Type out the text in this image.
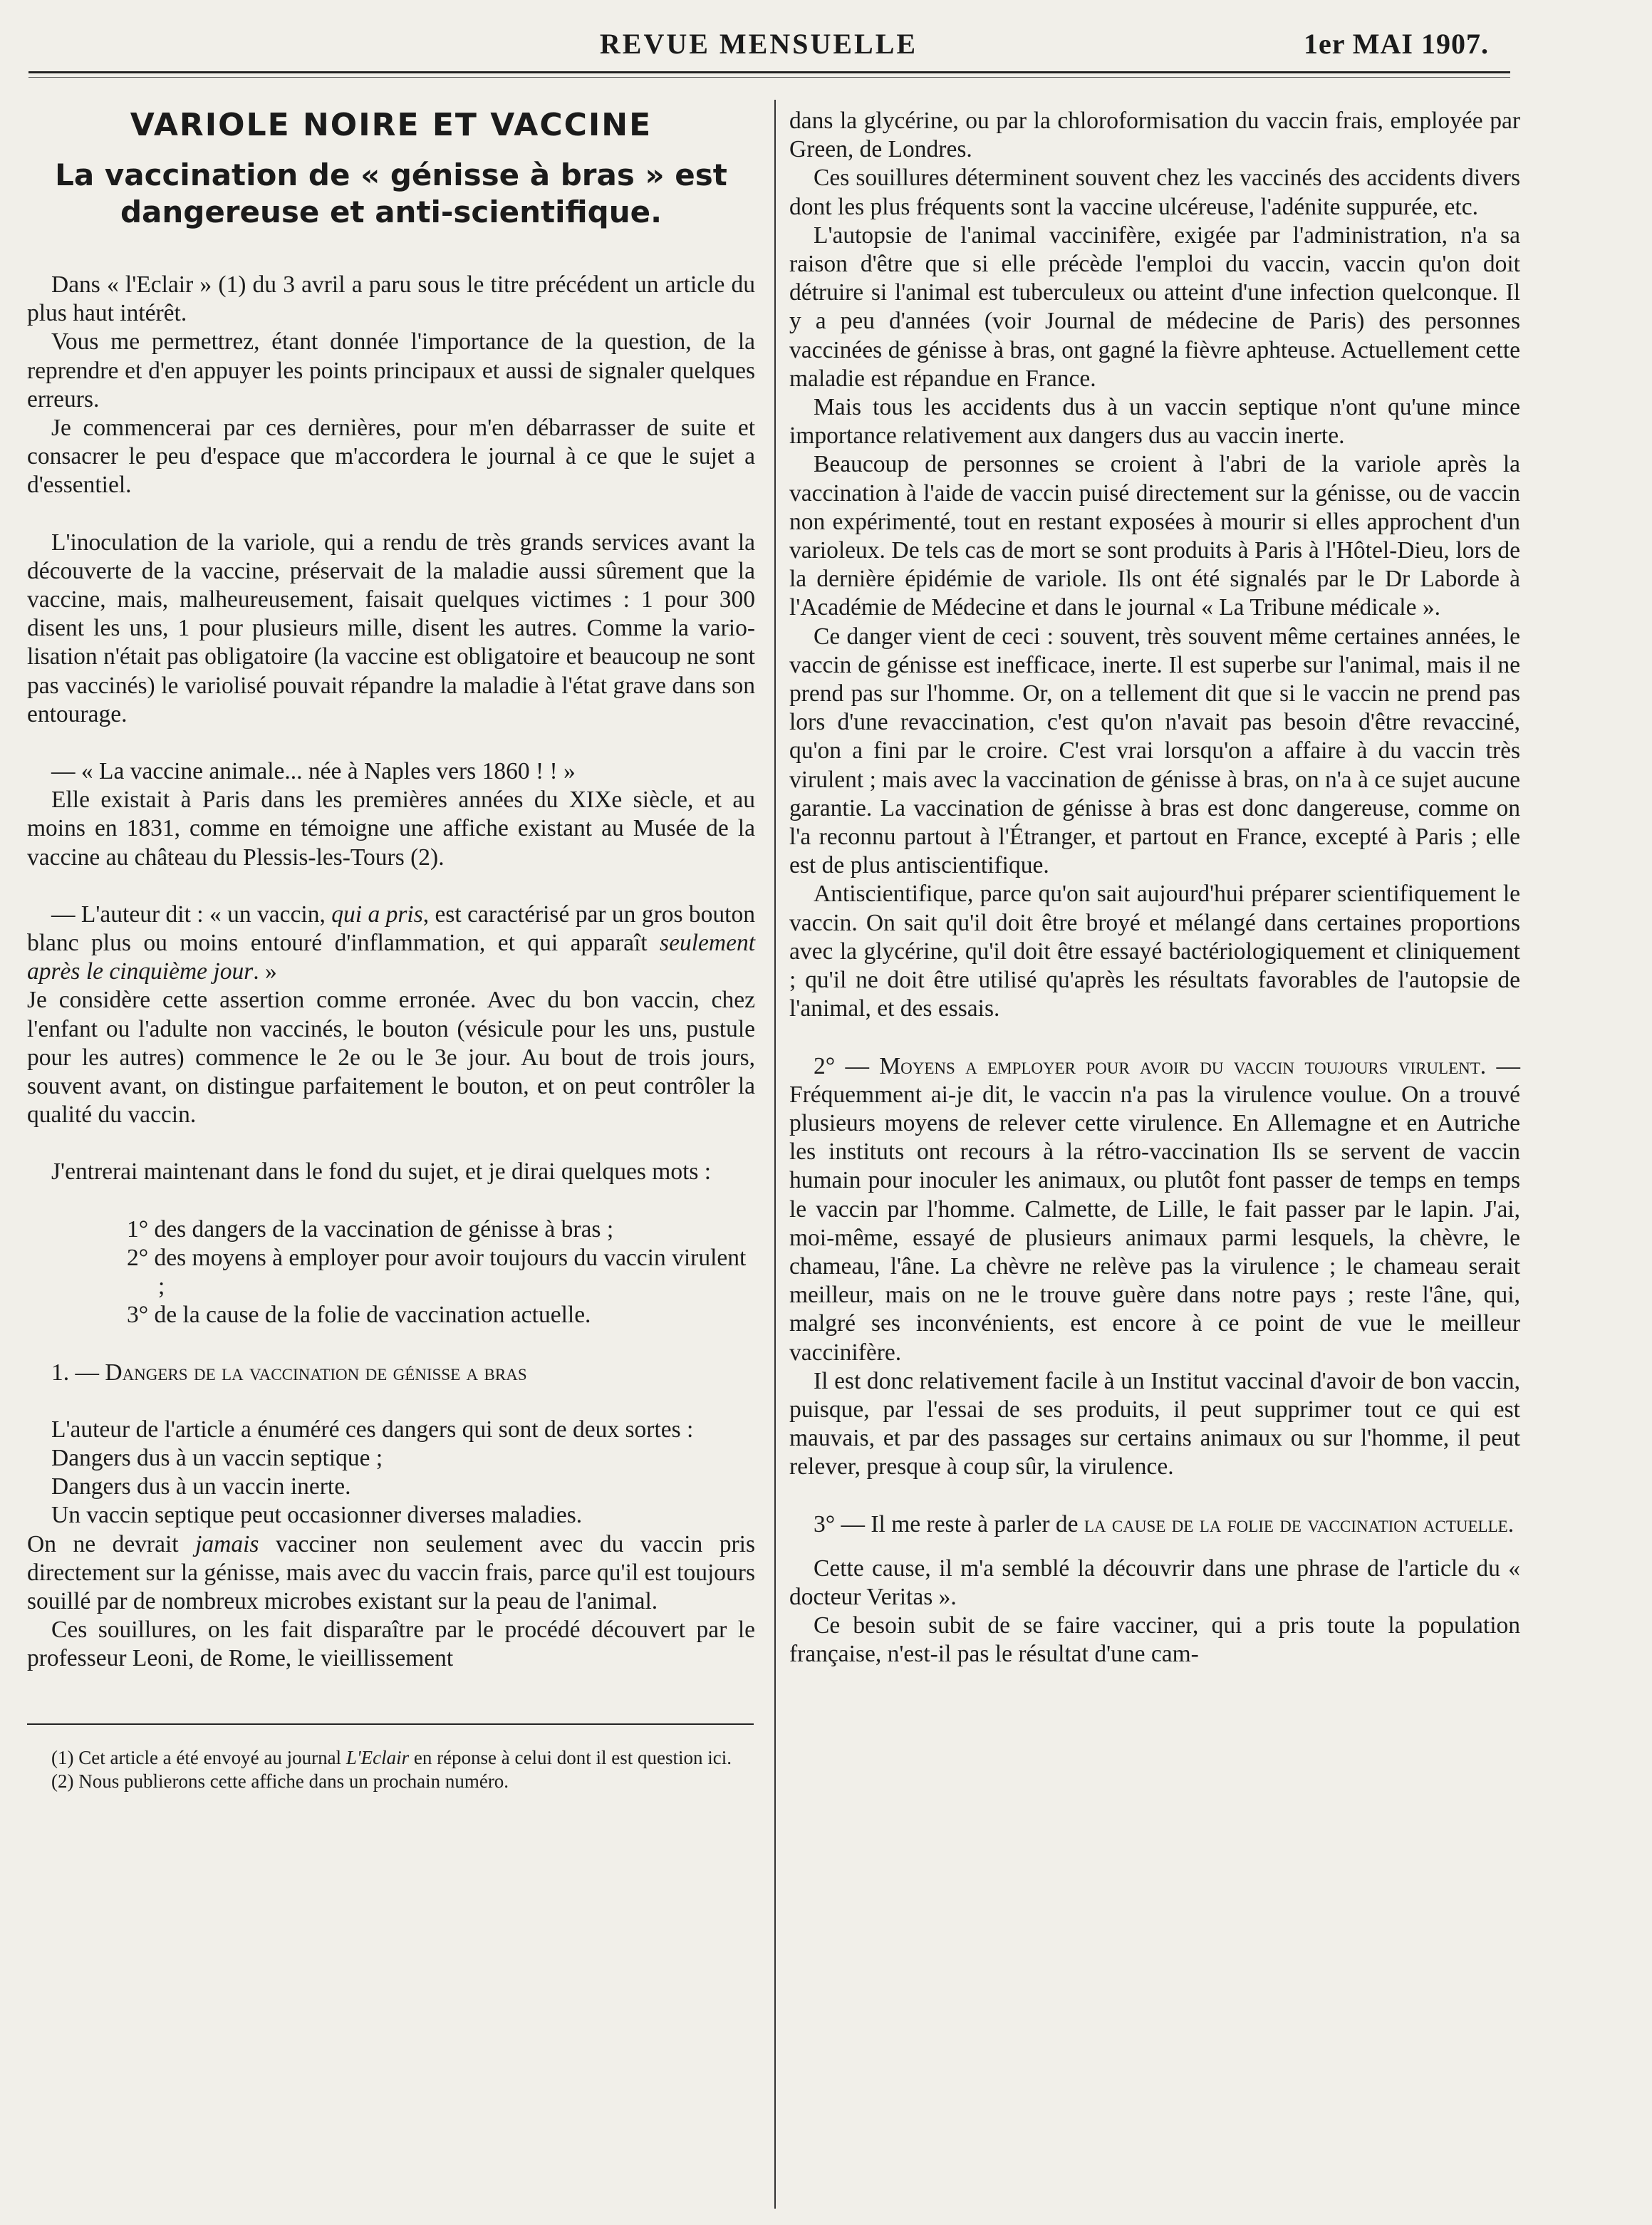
REVUE MENSUELLE	1er MAI 1907.
VARIOLE NOIRE ET VACCINE
La vaccination de « génisse à bras » est dangereuse et anti-scientifique.

Dans « l'Eclair » (1) du 3 avril a paru sous le titre précédent un article du plus haut intérêt.

Vous me permettrez, étant donnée l'importance de la question, de la reprendre et d'en appuyer les points principaux et aussi de signaler quelques erreurs.

Je commencerai par ces dernières, pour m'en débarrasser de suite et consacrer le peu d'espace que m'accordera le journal à ce que le sujet a d'essentiel.

L'inoculation de la variole, qui a rendu de très grands services avant la découverte de la vaccine, préservait de la maladie aussi sûrement que la vaccine, mais, malheureusement, faisait quelques victimes : 1 pour 300 disent les uns, 1 pour plusieurs mille, disent les autres. Comme la variolisation n'était pas obligatoire (la vaccine est obligatoire et beaucoup ne sont pas vaccinés) le variolisé pouvait répandre la maladie à l'état grave dans son entourage.

— « La vaccine animale... née à Naples vers 1860 ! ! »

Elle existait à Paris dans les premières années du XIXe siècle, et au moins en 1831, comme en témoigne une affiche existant au Musée de la vaccine au château du Plessis-les-Tours (2).

— L'auteur dit : « un vaccin, qui a pris, est caractérisé par un gros bouton blanc plus ou moins entouré d'inflammation, et qui apparaît seulement après le cinquième jour. »

Je considère cette assertion comme erronée. Avec du bon vaccin, chez l'enfant ou l'adulte non vaccinés, le bouton (vésicule pour les uns, pustule pour les autres) commence le 2e ou le 3e jour. Au bout de trois jours, souvent avant, on distingue parfaitement le bouton, et on peut contrôler la qualité du vaccin.

J'entrerai maintenant dans le fond du sujet, et je dirai quelques mots :

1° des dangers de la vaccination de génisse à bras ;
2° des moyens à employer pour avoir toujours du vaccin virulent ;
3° de la cause de la folie de vaccination actuelle.

1. — Dangers de la vaccination de génisse a bras

L'auteur de l'article a énuméré ces dangers qui sont de deux sortes :

Dangers dus à un vaccin septique ;

Dangers dus à un vaccin inerte.

Un vaccin septique peut occasionner diverses maladies.

On ne devrait jamais vacciner non seulement avec du vaccin pris directement sur la génisse, mais avec du vaccin frais, parce qu'il est toujours souillé par de nombreux microbes existant sur la peau de l'animal.

Ces souillures, on les fait disparaître par le procédé découvert par le professeur Leoni, de Rome, le vieillissement

(1) Cet article a été envoyé au journal L'Eclair en réponse à celui dont il est question ici.
(2) Nous publierons cette affiche dans un prochain numéro.

dans la glycérine, ou par la chloroformisation du vaccin frais, employée par Green, de Londres.

Ces souillures déterminent souvent chez les vaccinés des accidents divers dont les plus fréquents sont la vaccine ulcéreuse, l'adénite suppurée, etc.

L'autopsie de l'animal vaccinifère, exigée par l'administration, n'a sa raison d'être que si elle précède l'emploi du vaccin, vaccin qu'on doit détruire si l'animal est tuberculeux ou atteint d'une infection quelconque. Il y a peu d'années (voir Journal de médecine de Paris) des personnes vaccinées de génisse à bras, ont gagné la fièvre aphteuse. Actuellement cette maladie est répandue en France.

Mais tous les accidents dus à un vaccin septique n'ont qu'une mince importance relativement aux dangers dus au vaccin inerte.

Beaucoup de personnes se croient à l'abri de la variole après la vaccination à l'aide de vaccin puisé directement sur la génisse, ou de vaccin non expérimenté, tout en restant exposées à mourir si elles approchent d'un varioleux. De tels cas de mort se sont produits à Paris à l'Hôtel-Dieu, lors de la dernière épidémie de variole. Ils ont été signalés par le Dr Laborde à l'Académie de Médecine et dans le journal « La Tribune médicale ».

Ce danger vient de ceci : souvent, très souvent même certaines années, le vaccin de génisse est inefficace, inerte. Il est superbe sur l'animal, mais il ne prend pas sur l'homme. Or, on a tellement dit que si le vaccin ne prend pas lors d'une revaccination, c'est qu'on n'avait pas besoin d'être revacciné, qu'on a fini par le croire. C'est vrai lorsqu'on a affaire à du vaccin très virulent ; mais avec la vaccination de génisse à bras, on n'a à ce sujet aucune garantie. La vaccination de génisse à bras est donc dangereuse, comme on l'a reconnu partout à l'Étranger, et partout en France, excepté à Paris ; elle est de plus antiscientifique.

Antiscientifique, parce qu'on sait aujourd'hui préparer scientifiquement le vaccin. On sait qu'il doit être broyé et mélangé dans certaines proportions avec la glycérine, qu'il doit être essayé bactériologiquement et cliniquement ; qu'il ne doit être utilisé qu'après les résultats favorables de l'autopsie de l'animal, et des essais.

2° — Moyens a employer pour avoir du vaccin toujours virulent. — Fréquemment ai-je dit, le vaccin n'a pas la virulence voulue. On a trouvé plusieurs moyens de relever cette virulence. En Allemagne et en Autriche les instituts ont recours à la rétro-vaccination Ils se servent de vaccin humain pour inoculer les animaux, ou plutôt font passer de temps en temps le vaccin par l'homme. Calmette, de Lille, le fait passer par le lapin. J'ai, moi-même, essayé de plusieurs animaux parmi lesquels, la chèvre, le chameau, l'âne. La chèvre ne relève pas la virulence ; le chameau serait meilleur, mais on ne le trouve guère dans notre pays ; reste l'âne, qui, malgré ses inconvénients, est encore à ce point de vue le meilleur vaccinifère.

Il est donc relativement facile à un Institut vaccinal d'avoir de bon vaccin, puisque, par l'essai de ses produits, il peut supprimer tout ce qui est mauvais, et par des passages sur certains animaux ou sur l'homme, il peut relever, presque à coup sûr, la virulence.

3° — Il me reste à parler de la cause de la folie de vaccination actuelle.

Cette cause, il m'a semblé la découvrir dans une phrase de l'article du « docteur Veritas ».

Ce besoin subit de se faire vacciner, qui a pris toute la population française, n'est-il pas le résultat d'une cam-
